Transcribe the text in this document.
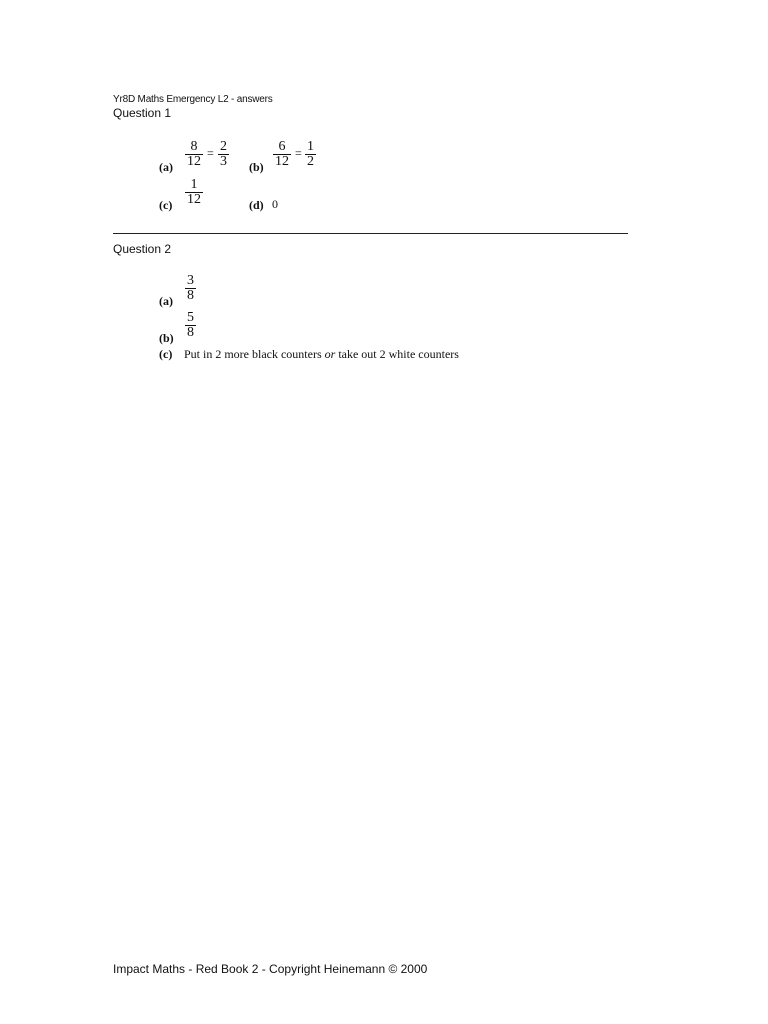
Yr8D Maths Emergency L2 - answers
Question 1
(a)
8
12
= 2
3 (b)
6
12
= 1
2
(c)
1
12	(d) 0
Question 2
(a)
3
8
(b)
5
8
(c) Put in 2 more black counters or take out 2 white counters
Impact Maths - Red Book 2 - Copyright Heinemann © 2000
